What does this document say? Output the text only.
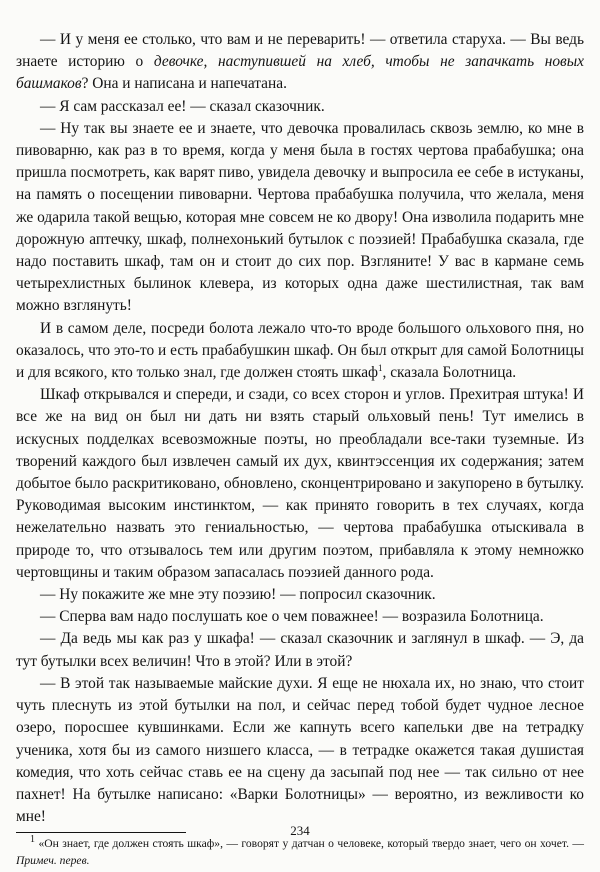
— И у меня ее столько, что вам и не переварить! — ответила старуха. — Вы ведь знаете историю о девочке, наступившей на хлеб, чтобы не запачкать новых башмаков? Она и написана и напечатана.

— Я сам рассказал ее! — сказал сказочник.

— Ну так вы знаете ее и знаете, что девочка провалилась сквозь землю, ко мне в пивоварню, как раз в то время, когда у меня была в гостях чертова прабабушка; она пришла посмотреть, как варят пиво, увидела девочку и выпросила ее себе в истуканы, на память о посещении пивоварни. Чертова прабабушка получила, что желала, меня же одарила такой вещью, которая мне совсем не ко двору! Она изволила подарить мне дорожную аптечку, шкаф, полнехонький бутылок с поэзией! Прабабушка сказала, где надо поставить шкаф, там он и стоит до сих пор. Взгляните! У вас в кармане семь четырехлистных былинок клевера, из которых одна даже шестилистная, так вам можно взглянуть!

И в самом деле, посреди болота лежало что-то вроде большого ольхового пня, но оказалось, что это-то и есть прабабушкин шкаф. Он был открыт для самой Болотницы и для всякого, кто только знал, где должен стоять шкаф$^1$, сказала Болотница.

Шкаф открывался и спереди, и сзади, со всех сторон и углов. Прехитрая штука! И все же на вид он был ни дать ни взять старый ольховый пень! Тут имелись в искусных подделках всевозможные поэты, но преобладали все-таки туземные. Из творений каждого был извлечен самый их дух, квинтэссенция их содержания; затем добытое было раскритиковано, обновлено, сконцентрировано и закупорено в бутылку. Руководимая высоким инстинктом, — как принято говорить в тех случаях, когда нежелательно назвать это гениальностью, — чертова прабабушка отыскивала в природе то, что отзывалось тем или другим поэтом, прибавляла к этому немножко чертовщины и таким образом запасалась поэзией данного рода.

— Ну покажите же мне эту поэзию! — попросил сказочник.

— Сперва вам надо послушать кое о чем поважнее! — возразила Болотница.

— Да ведь мы как раз у шкафа! — сказал сказочник и заглянул в шкаф. — Э, да тут бутылки всех величин! Что в этой? Или в этой?

— В этой так называемые майские духи. Я еще не нюхала их, но знаю, что стоит чуть плеснуть из этой бутылки на пол, и сейчас перед тобой будет чудное лесное озеро, поросшее кувшинками. Если же капнуть всего капельки две на тетрадку ученика, хотя бы из самого низшего класса, — в тетрадке окажется такая душистая комедия, что хоть сейчас ставь ее на сцену да засыпай под нее — так сильно от нее пахнет! На бутылке написано: «Варки Болотницы» — вероятно, из вежливости ко мне!

1 «Он знает, где должен стоять шкаф», — говорят у датчан о человеке, который твердо знает, чего он хочет. — Примеч. перев.

234
